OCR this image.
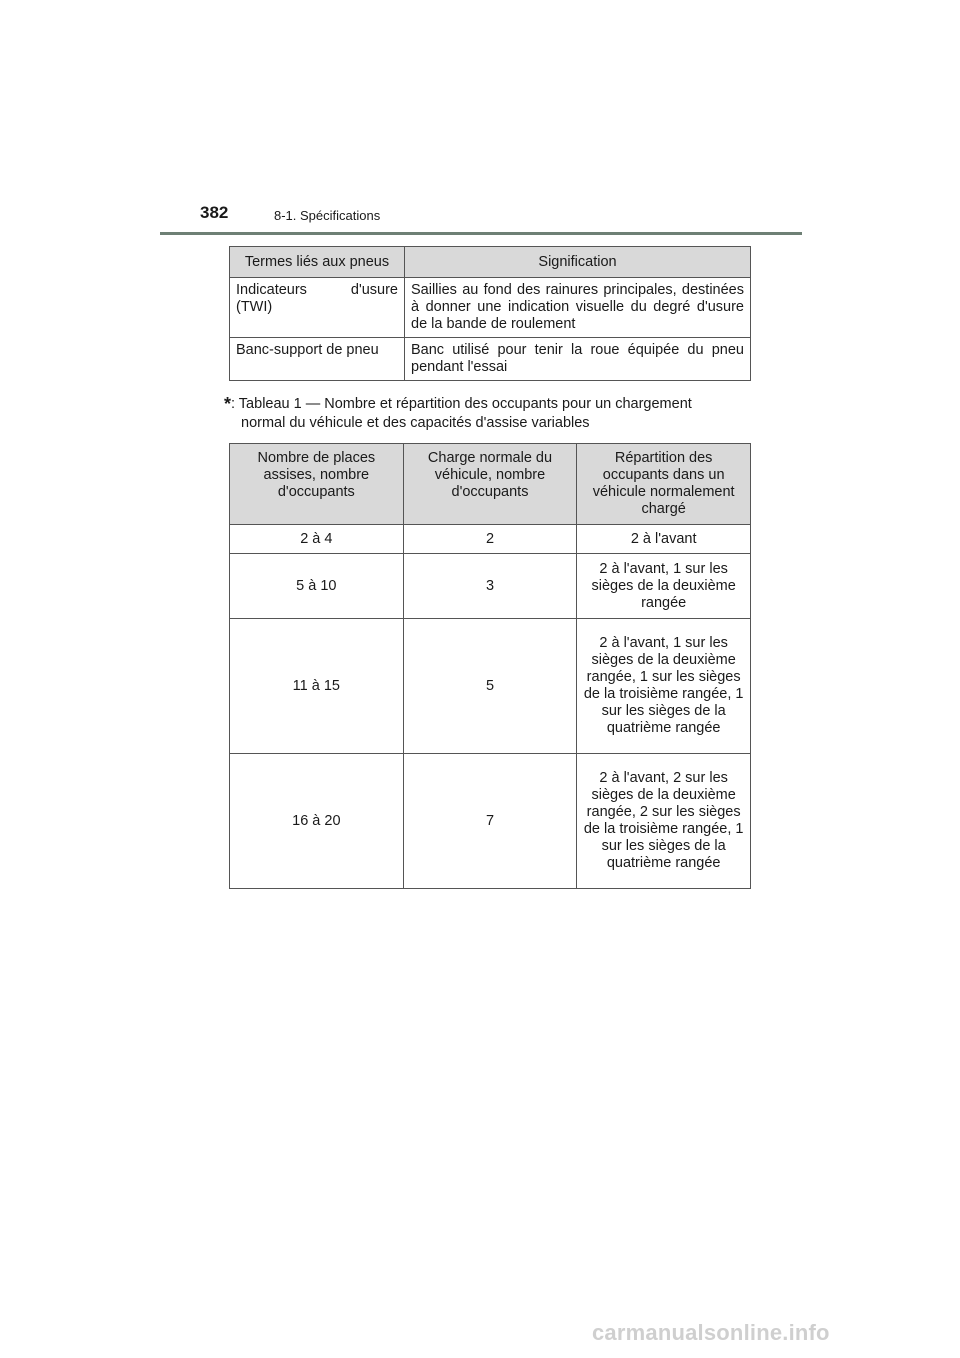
382	8-1. Spécifications
Termes liés aux pneus	Signification
Indicateurs d'usure (TWI)	Saillies au fond des rainures principales, destinées à donner une indication visuelle du degré d'usure de la bande de roulement
Banc-support de pneu	Banc utilisé pour tenir la roue équipée du pneu pendant l'essai
*: Tableau 1 — Nombre et répartition des occupants pour un chargement
normal du véhicule et des capacités d'assise variables
Nombre de places assises, nombre d'occupants	Charge normale du véhicule, nombre d'occupants	Répartition des occupants dans un véhicule normalement chargé
2 à 4	2	2 à l'avant
5 à 10	3	2 à l'avant, 1 sur les sièges de la deuxième rangée
11 à 15	5	2 à l'avant, 1 sur les sièges de la deuxième rangée, 1 sur les sièges de la troisième rangée, 1 sur les sièges de la quatrième rangée
16 à 20	7	2 à l'avant, 2 sur les sièges de la deuxième rangée, 2 sur les sièges de la troisième rangée, 1 sur les sièges de la quatrième rangée
carmanualsonline.info
